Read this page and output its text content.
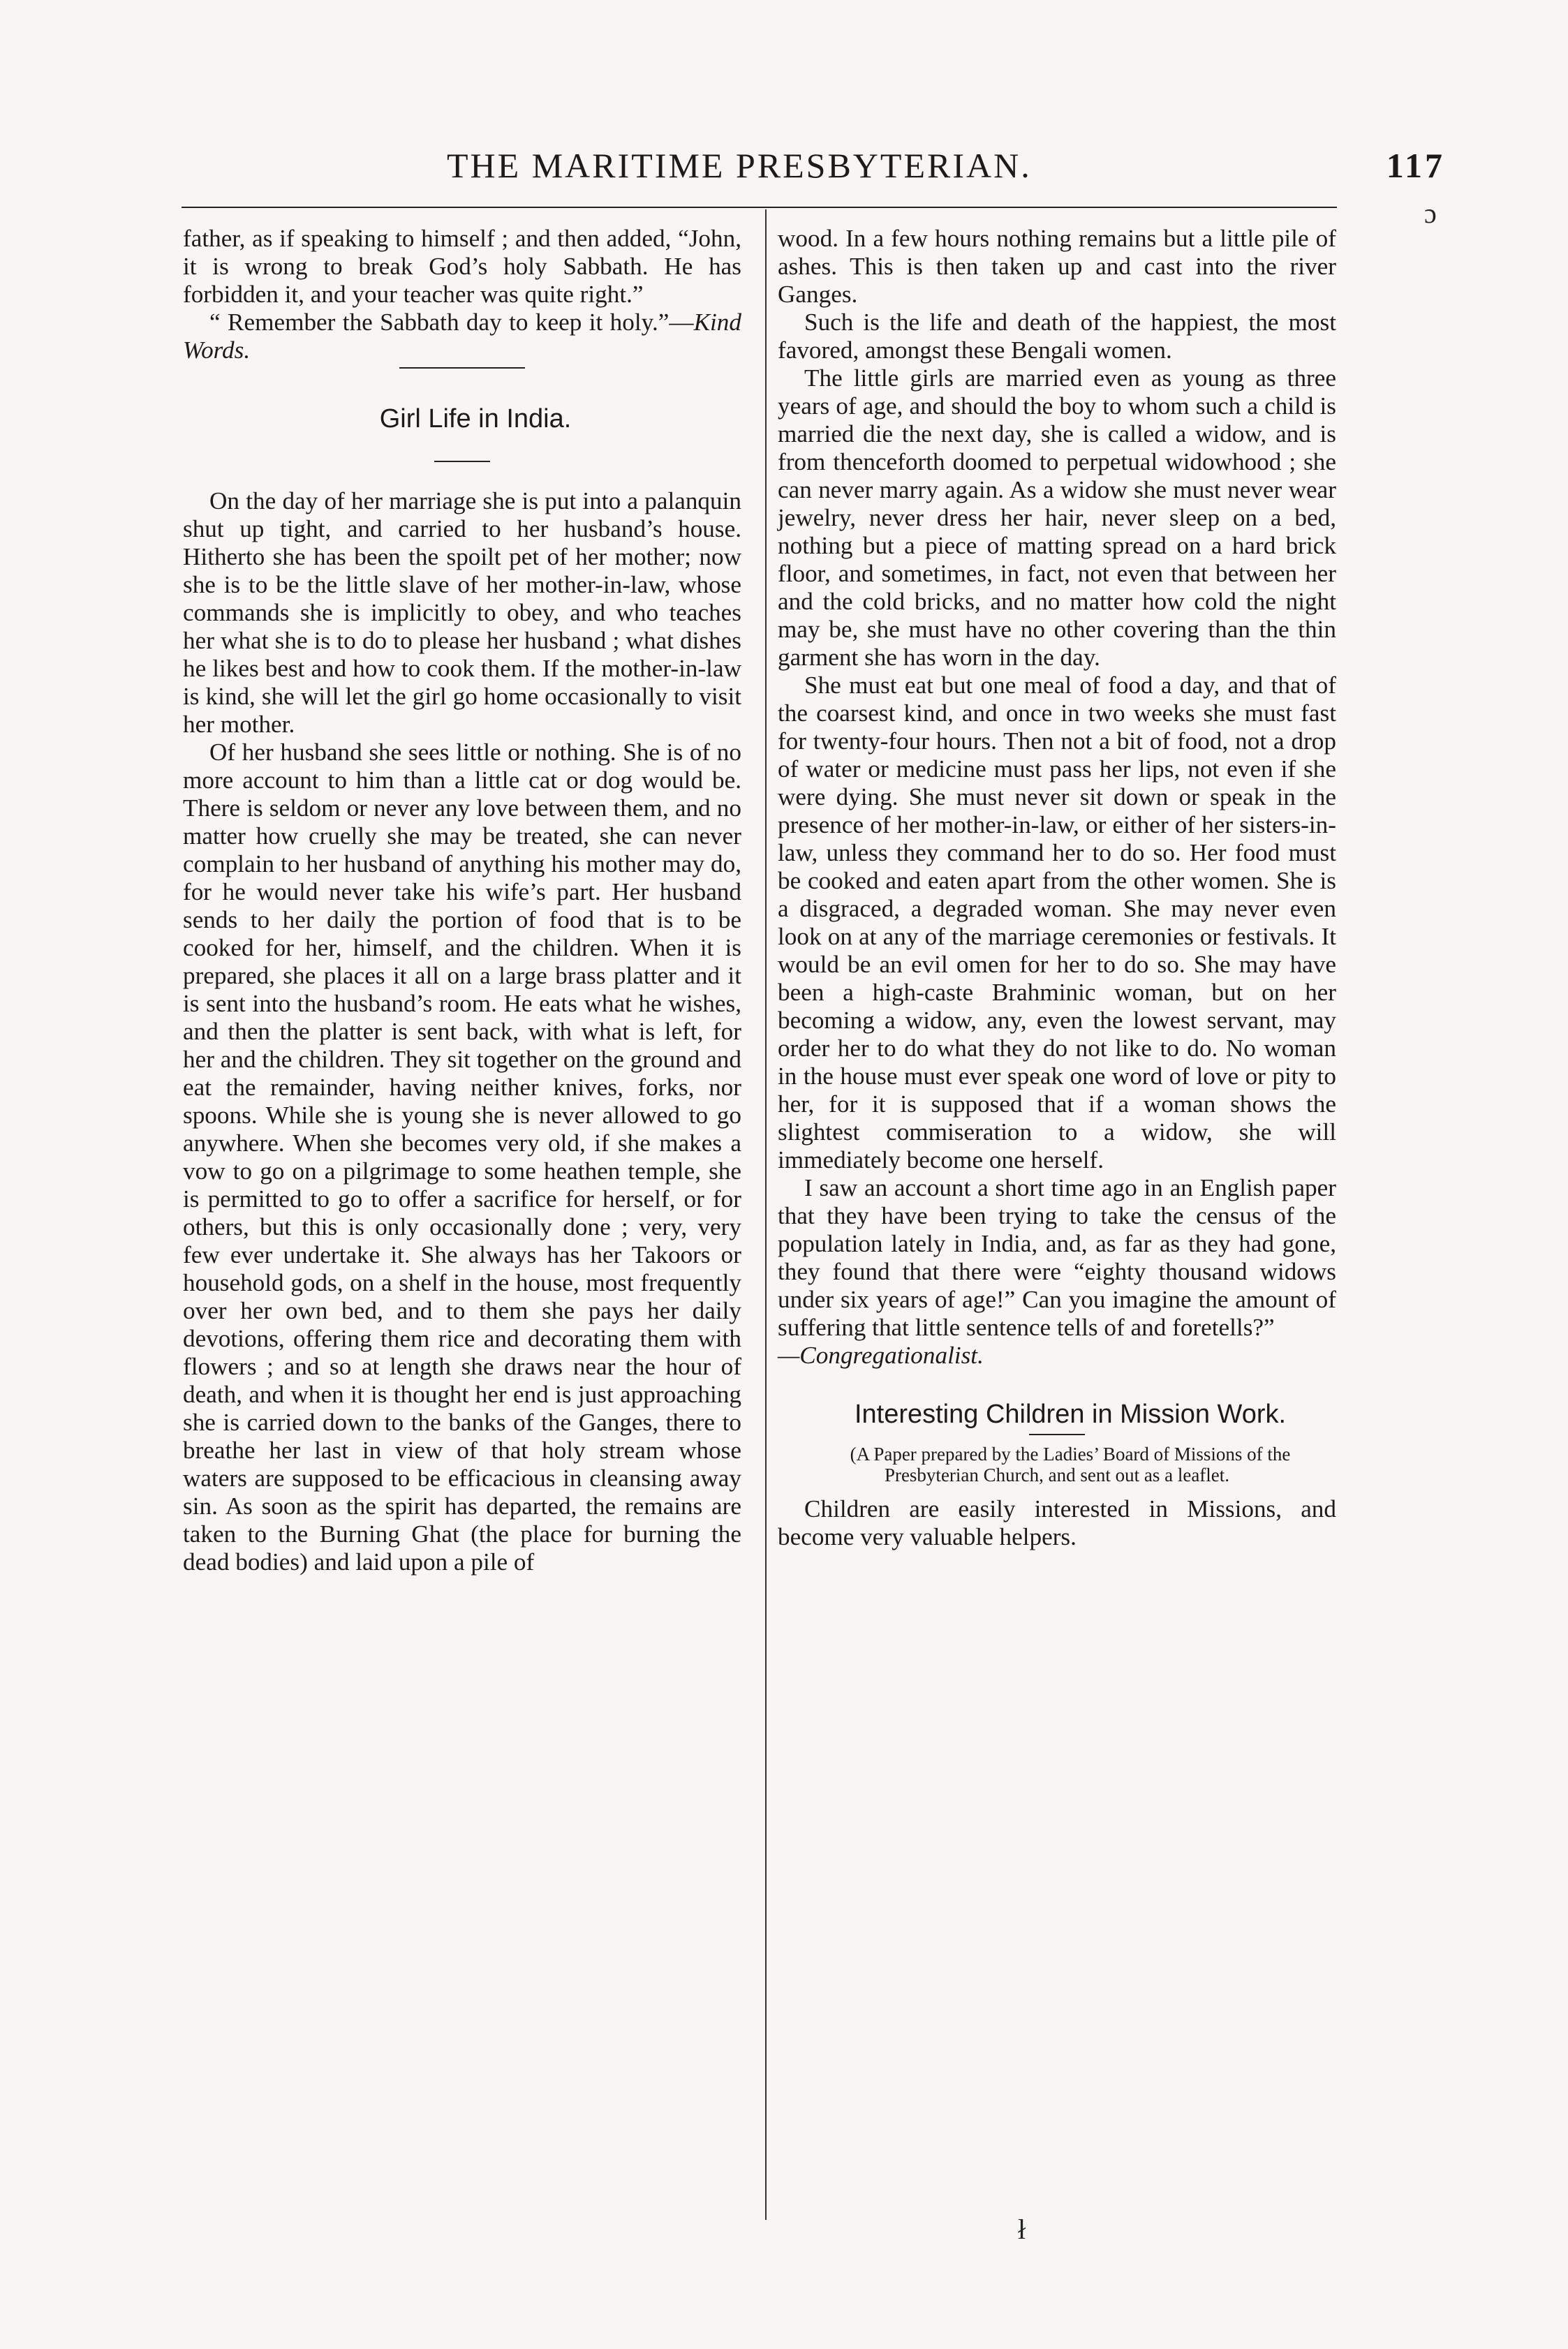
THE MARITIME PRESBYTERIAN.	117

father, as if speaking to himself ; and then added, “John, it is wrong to break God’s holy Sabbath. He has forbidden it, and your teacher was quite right.”

“ Remember the Sabbath day to keep it holy.”—Kind Words.

Girl Life in India.

On the day of her marriage she is put into a palanquin shut up tight, and carried to her husband’s house. Hitherto she has been the spoilt pet of her mother; now she is to be the little slave of her mother-in-law, whose commands she is implicitly to obey, and who teaches her what she is to do to please her husband ; what dishes he likes best and how to cook them. If the mother-in-law is kind, she will let the girl go home occasionally to visit her mother.

Of her husband she sees little or nothing. She is of no more account to him than a little cat or dog would be. There is seldom or never any love between them, and no matter how cruelly she may be treated, she can never complain to her husband of anything his mother may do, for he would never take his wife’s part. Her husband sends to her daily the portion of food that is to be cooked for her, himself, and the children. When it is prepared, she places it all on a large brass platter and it is sent into the husband’s room. He eats what he wishes, and then the platter is sent back, with what is left, for her and the children. They sit together on the ground and eat the remainder, having neither knives, forks, nor spoons. While she is young she is never allowed to go anywhere. When she becomes very old, if she makes a vow to go on a pilgrimage to some heathen temple, she is permitted to go to offer a sacrifice for herself, or for others, but this is only occasionally done ; very, very few ever undertake it. She always has her Takoors or household gods, on a shelf in the house, most frequently over her own bed, and to them she pays her daily devotions, offering them rice and decorating them with flowers ; and so at length she draws near the hour of death, and when it is thought her end is just approaching she is carried down to the banks of the Ganges, there to breathe her last in view of that holy stream whose waters are supposed to be efficacious in cleansing away sin. As soon as the spirit has departed, the remains are taken to the Burning Ghat (the place for burning the dead bodies) and laid upon a pile of

wood. In a few hours nothing remains but a little pile of ashes. This is then taken up and cast into the river Ganges.

Such is the life and death of the happiest, the most favored, amongst these Bengali women.

The little girls are married even as young as three years of age, and should the boy to whom such a child is married die the next day, she is called a widow, and is from thenceforth doomed to perpetual widowhood ; she can never marry again. As a widow she must never wear jewelry, never dress her hair, never sleep on a bed, nothing but a piece of matting spread on a hard brick floor, and sometimes, in fact, not even that between her and the cold bricks, and no matter how cold the night may be, she must have no other covering than the thin garment she has worn in the day.

She must eat but one meal of food a day, and that of the coarsest kind, and once in two weeks she must fast for twenty-four hours. Then not a bit of food, not a drop of water or medicine must pass her lips, not even if she were dying. She must never sit down or speak in the presence of her mother-in-law, or either of her sisters-in-law, unless they command her to do so. Her food must be cooked and eaten apart from the other women. She is a disgraced, a degraded woman. She may never even look on at any of the marriage ceremonies or festivals. It would be an evil omen for her to do so. She may have been a high-caste Brahminic woman, but on her becoming a widow, any, even the lowest servant, may order her to do what they do not like to do. No woman in the house must ever speak one word of love or pity to her, for it is supposed that if a woman shows the slightest commiseration to a widow, she will immediately become one herself.

I saw an account a short time ago in an English paper that they have been trying to take the census of the population lately in India, and, as far as they had gone, they found that there were “eighty thousand widows under six years of age!” Can you imagine the amount of suffering that little sentence tells of and foretells?”

—Congregationalist.

Interesting Children in Mission Work.

(A Paper prepared by the Ladies’ Board of Missions of the Presbyterian Church, and sent out as a leaflet.

Children are easily interested in Missions, and become very valuable helpers.

ɔ
ł
